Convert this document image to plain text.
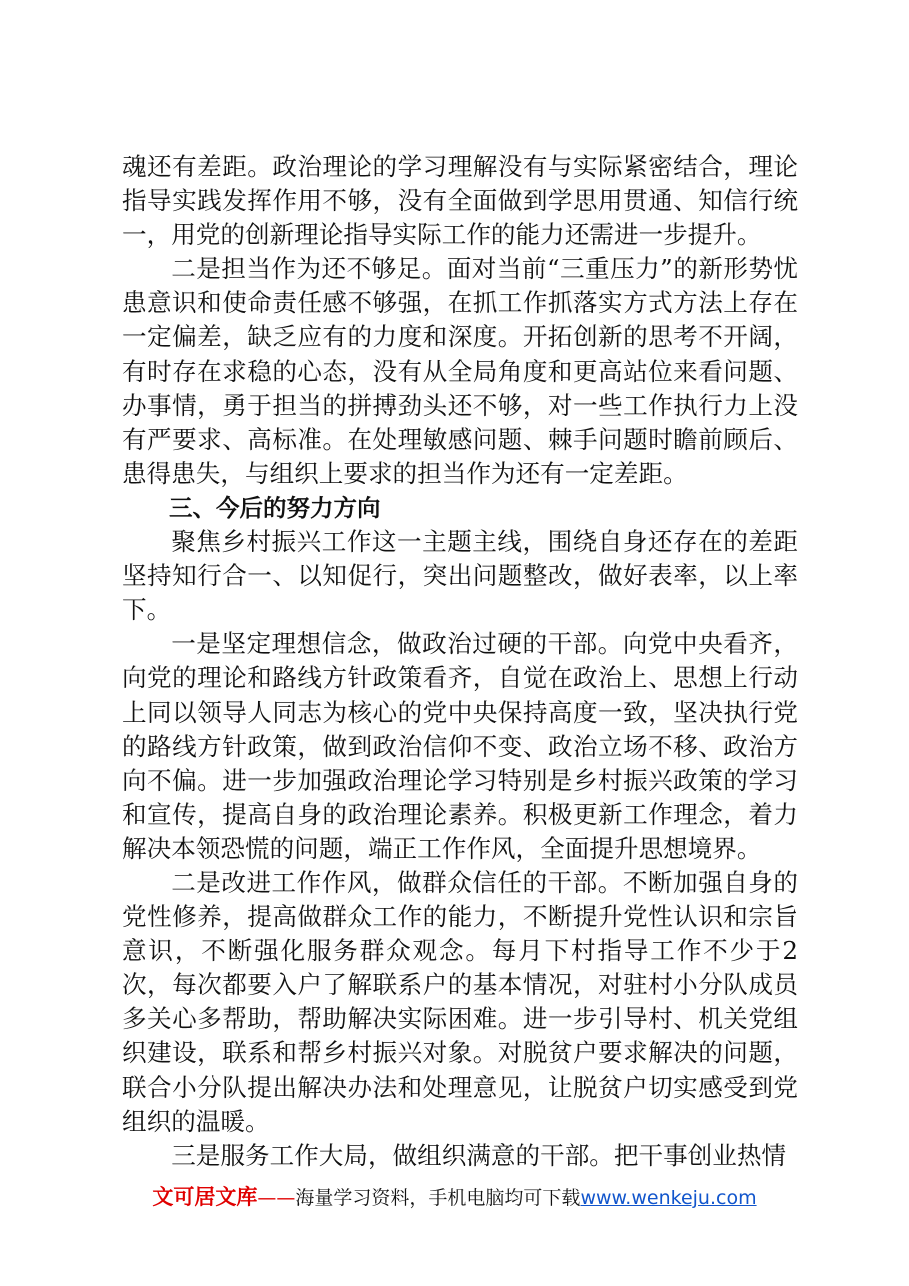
魂还有差距。政治理论的学习理解没有与实际紧密结合，理论指导实践发挥作用不够，没有全面做到学思用贯通、知信行统一，用党的创新理论指导实际工作的能力还需进一步提升。

二是担当作为还不够足。面对当前“三重压力”的新形势忧患意识和使命责任感不够强，在抓工作抓落实方式方法上存在一定偏差，缺乏应有的力度和深度。开拓创新的思考不开阔，有时存在求稳的心态，没有从全局角度和更高站位来看问题、办事情，勇于担当的拼搏劲头还不够，对一些工作执行力上没有严要求、高标准。在处理敏感问题、棘手问题时瞻前顾后、患得患失，与组织上要求的担当作为还有一定差距。

三、今后的努力方向

聚焦乡村振兴工作这一主题主线，围绕自身还存在的差距坚持知行合一、以知促行，突出问题整改，做好表率，以上率下。

一是坚定理想信念，做政治过硬的干部。向党中央看齐，向党的理论和路线方针政策看齐，自觉在政治上、思想上行动上同以领导人同志为核心的党中央保持高度一致，坚决执行党的路线方针政策，做到政治信仰不变、政治立场不移、政治方向不偏。进一步加强政治理论学习特别是乡村振兴政策的学习和宣传，提高自身的政治理论素养。积极更新工作理念，着力解决本领恐慌的问题，端正工作作风，全面提升思想境界。

二是改进工作作风，做群众信任的干部。不断加强自身的党性修养，提高做群众工作的能力，不断提升党性认识和宗旨意识，不断强化服务群众观念。每月下村指导工作不少于2次，每次都要入户了解联系户的基本情况，对驻村小分队成员多关心多帮助，帮助解决实际困难。进一步引导村、机关党组织建设，联系和帮乡村振兴对象。对脱贫户要求解决的问题，联合小分队提出解决办法和处理意见，让脱贫户切实感受到党组织的温暖。

三是服务工作大局，做组织满意的干部。把干事创业热情

文可居文库——海量学习资料，手机电脑均可下载www.wenkeju.com
